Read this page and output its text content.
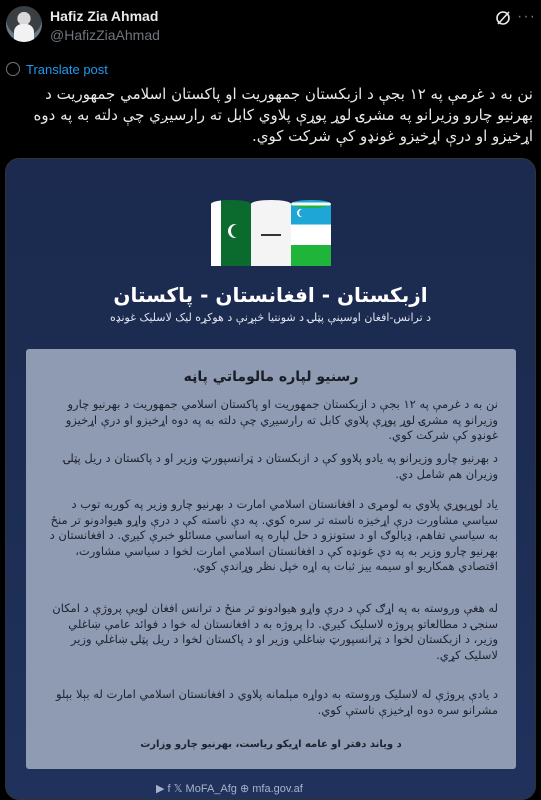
Hafiz Zia Ahmad
@HafizZiaAhmad
···
Translate post
نن به د غرمې په ۱۲ بجې د ازبکستان جمهوريت او پاکستان اسلامي جمهوريت د بهرنيو چارو وزيرانو په مشرۍ لوړ پوړې پلاوي کابل ته رارسيږي چې دلته به په دوه اړخيزو او درې اړخيزو غونډو کې شرکت کوي.
ازبکستان - افغانستان - پاکستان
د ترانس-افغان اوسپنې پټلۍ د شونتيا څېړنې د هوکړه ليک لاسليک غونډه
رسنيو لپاره مالوماتي پاڼه
نن به د غرمې په ۱۲ بجې د ازبکستان جمهوريت او پاکستان اسلامي جمهوريت د بهرنيو چارو وزيرانو په مشرۍ لوړ پوړې پلاوي کابل ته رارسيږي چې دلته به په دوه اړخيزو او درې اړخيزو غونډو کې شرکت کوي.
د بهرنيو چارو وزيرانو په يادو پلاوو کې د ازبکستان د ټرانسپورټ وزير او د پاکستان د ريل پټلۍ وزيران هم شامل دي.
ياد لوړپوړي پلاوي به لومړی د افغانستان اسلامي امارت د بهرنيو چارو وزير په کوربه توب د سياسي مشاورت درې اړخيزه ناسته تر سره کوي. په دې ناسته کې د درې واړو هيوادونو تر منځ به سياسي تفاهم، ډيالوګ او د ستونزو د حل لپاره په اساسي مسائلو خبرې کيږي. د افغانستان د بهرنيو چارو وزير به په دې غونډه کې د افغانستان اسلامي امارت لخوا د سياسي مشاورت، اقتصادي همکاريو او سيمه ييز ثبات په اړه خپل نظر وړاندې کوي.
له هغې وروسته به په اړګ کې د درې واړو هيوادونو تر منځ د ترانس افغان لويې پروژې د امکان سنجۍ د مطالعاتو پروژه لاسليک کيږي. دا پروژه به د افغانستان له خوا د فوائد عامې ښاغلي وزير، د ازبکستان لخوا د ټرانسپورټ ښاغلي وزير او د پاکستان لخوا د ريل پټلۍ ښاغلي وزير لاسليک کړي.
د يادې پروژې له لاسليک وروسته به دواړه مېلمانه پلاوي د افغانستان اسلامي امارت له بېلا بېلو مشرانو سره دوه اړخيزې ناستې کوي.
د وياند دفتر او عامه اړيکو رياست، بهرنيو چارو وزارت
▶ f 𝕏 MoFA_Afg ⊕ mfa.gov.af
